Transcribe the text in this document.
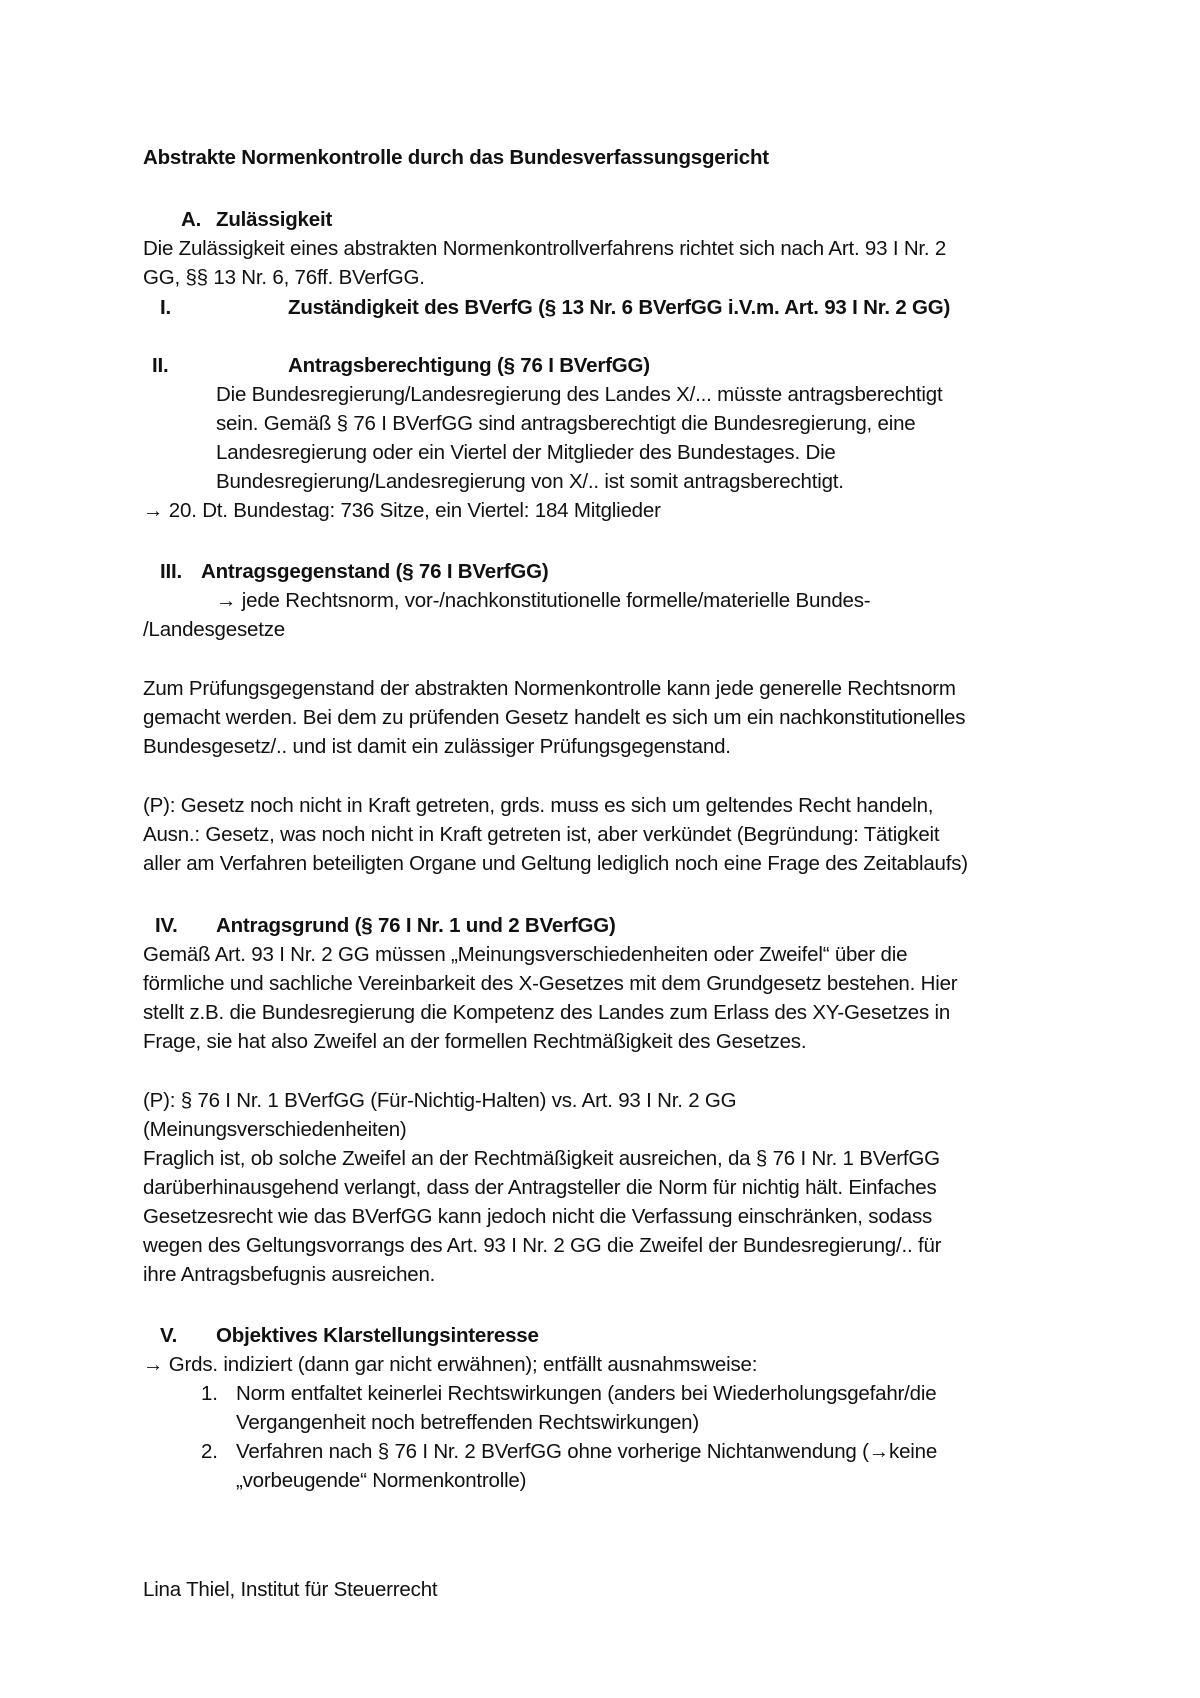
Abstrakte Normenkontrolle durch das Bundesverfassungsgericht
A. Zulässigkeit
Die Zulässigkeit eines abstrakten Normenkontrollverfahrens richtet sich nach Art. 93 I Nr. 2
GG, §§ 13 Nr. 6, 76ff. BVerfGG.
I.	Zuständigkeit des BVerfG (§ 13 Nr. 6 BVerfGG i.V.m. Art. 93 I Nr. 2 GG)
II.	Antragsberechtigung (§ 76 I BVerfGG)
Die Bundesregierung/Landesregierung des Landes X/... müsste antragsberechtigt
sein. Gemäß § 76 I BVerfGG sind antragsberechtigt die Bundesregierung, eine
Landesregierung oder ein Viertel der Mitglieder des Bundestages. Die
Bundesregierung/Landesregierung von X/.. ist somit antragsberechtigt.
→ 20. Dt. Bundestag: 736 Sitze, ein Viertel: 184 Mitglieder
III. Antragsgegenstand (§ 76 I BVerfGG)
→ jede Rechtsnorm, vor-/nachkonstitutionelle formelle/materielle Bundes-
/Landesgesetze
Zum Prüfungsgegenstand der abstrakten Normenkontrolle kann jede generelle Rechtsnorm
gemacht werden. Bei dem zu prüfenden Gesetz handelt es sich um ein nachkonstitutionelles
Bundesgesetz/.. und ist damit ein zulässiger Prüfungsgegenstand.
(P): Gesetz noch nicht in Kraft getreten, grds. muss es sich um geltendes Recht handeln,
Ausn.: Gesetz, was noch nicht in Kraft getreten ist, aber verkündet (Begründung: Tätigkeit
aller am Verfahren beteiligten Organe und Geltung lediglich noch eine Frage des Zeitablaufs)
IV. Antragsgrund (§ 76 I Nr. 1 und 2 BVerfGG)
Gemäß Art. 93 I Nr. 2 GG müssen „Meinungsverschiedenheiten oder Zweifel“ über die
förmliche und sachliche Vereinbarkeit des X-Gesetzes mit dem Grundgesetz bestehen. Hier
stellt z.B. die Bundesregierung die Kompetenz des Landes zum Erlass des XY-Gesetzes in
Frage, sie hat also Zweifel an der formellen Rechtmäßigkeit des Gesetzes.
(P): § 76 I Nr. 1 BVerfGG (Für-Nichtig-Halten) vs. Art. 93 I Nr. 2 GG
(Meinungsverschiedenheiten)
Fraglich ist, ob solche Zweifel an der Rechtmäßigkeit ausreichen, da § 76 I Nr. 1 BVerfGG
darüberhinausgehend verlangt, dass der Antragsteller die Norm für nichtig hält. Einfaches
Gesetzesrecht wie das BVerfGG kann jedoch nicht die Verfassung einschränken, sodass
wegen des Geltungsvorrangs des Art. 93 I Nr. 2 GG die Zweifel der Bundesregierung/.. für
ihre Antragsbefugnis ausreichen.
V. Objektives Klarstellungsinteresse
→ Grds. indiziert (dann gar nicht erwähnen); entfällt ausnahmsweise:
1. Norm entfaltet keinerlei Rechtswirkungen (anders bei Wiederholungsgefahr/die
Vergangenheit noch betreffenden Rechtswirkungen)
2. Verfahren nach § 76 I Nr. 2 BVerfGG ohne vorherige Nichtanwendung (→keine
„vorbeugende“ Normenkontrolle)
Lina Thiel, Institut für Steuerrecht
